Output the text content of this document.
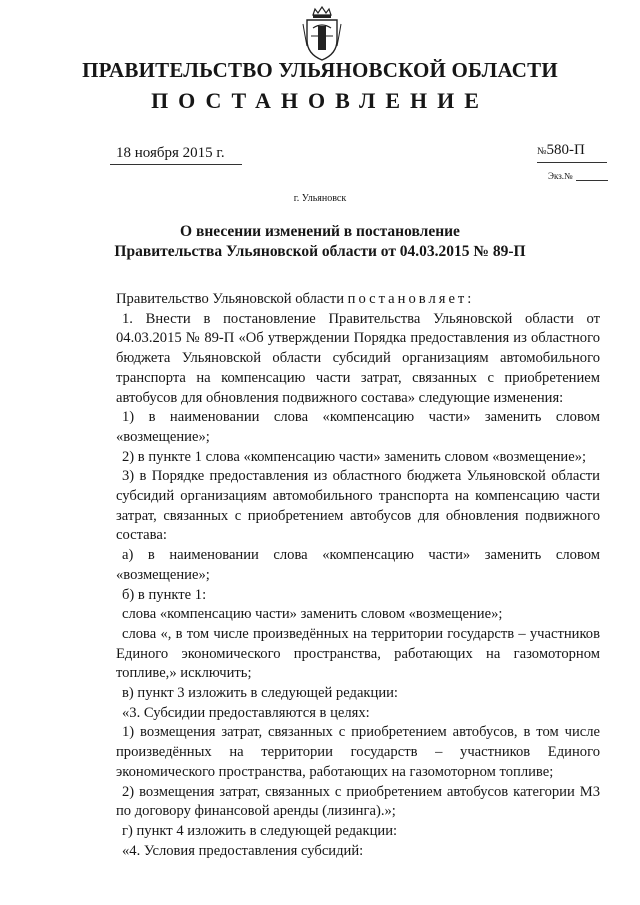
ПРАВИТЕЛЬСТВО УЛЬЯНОВСКОЙ ОБЛАСТИ
ПОСТАНОВЛЕНИЕ
18 ноября 2015 г.	№580-П
Экз.№
г. Ульяновск
О внесении изменений в постановление
Правительства Ульяновской области от 04.03.2015 № 89-П

Правительство Ульяновской области постановляет:

1. Внести в постановление Правительства Ульяновской области от 04.03.2015 № 89-П «Об утверждении Порядка предоставления из областного бюджета Ульяновской области субсидий организациям автомобильного транспорта на компенсацию части затрат, связанных с приобретением автобусов для обновления подвижного состава» следующие изменения:

1) в наименовании слова «компенсацию части» заменить словом «возмещение»;

2) в пункте 1 слова «компенсацию части» заменить словом «возмещение»;

3) в Порядке предоставления из областного бюджета Ульяновской области субсидий организациям автомобильного транспорта на компенсацию части затрат, связанных с приобретением автобусов для обновления подвижного состава:

а) в наименовании слова «компенсацию части» заменить словом «возмещение»;

б) в пункте 1:

слова «компенсацию части» заменить словом «возмещение»;

слова «, в том числе произведённых на территории государств – участников Единого экономического пространства, работающих на газомоторном топливе,» исключить;

в) пункт 3 изложить в следующей редакции:

«3. Субсидии предоставляются в целях:

1) возмещения затрат, связанных с приобретением автобусов, в том числе произведённых на территории государств – участников Единого экономического пространства, работающих на газомоторном топливе;

2) возмещения затрат, связанных с приобретением автобусов категории М3 по договору финансовой аренды (лизинга).»;

г) пункт 4 изложить в следующей редакции:

«4. Условия предоставления субсидий:
